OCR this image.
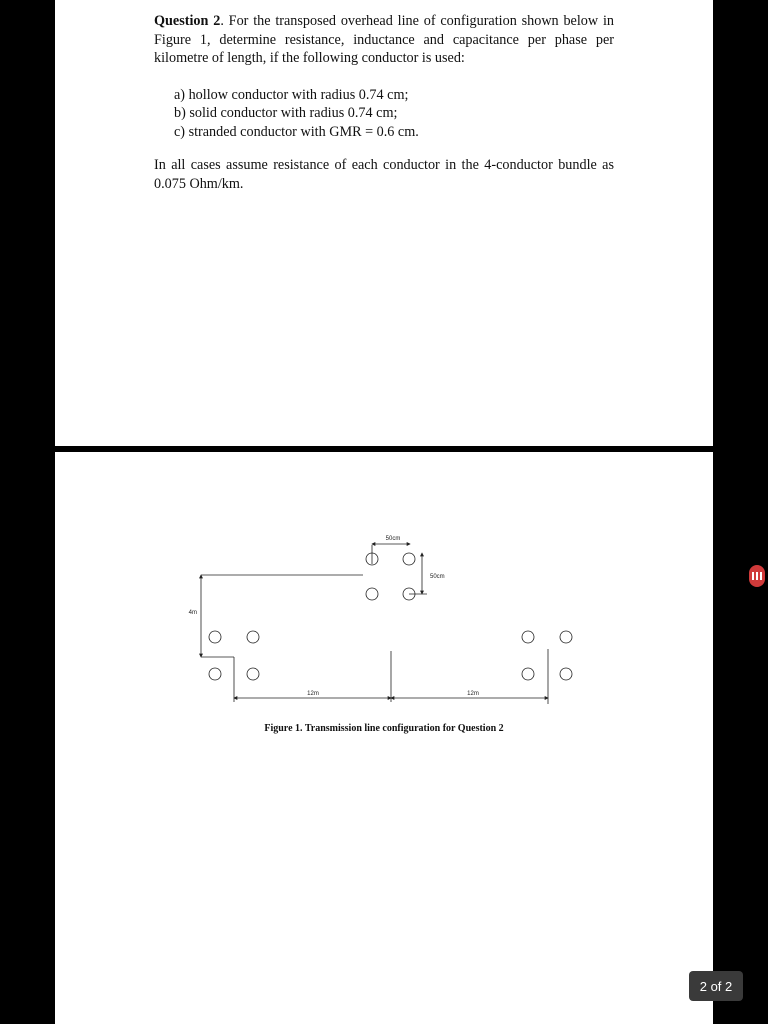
Question 2. For the transposed overhead line of configuration shown below in Figure 1, determine resistance, inductance and capacitance per phase per kilometre of length, if the following conductor is used:
a) hollow conductor with radius 0.74 cm;
b) solid conductor with radius 0.74 cm;
c) stranded conductor with GMR = 0.6 cm.
In all cases assume resistance of each conductor in the 4-conductor bundle as 0.075 Ohm/km.
50cm
50cm
4m
12m	12m
Figure 1. Transmission line configuration for Question 2
2 of 2
